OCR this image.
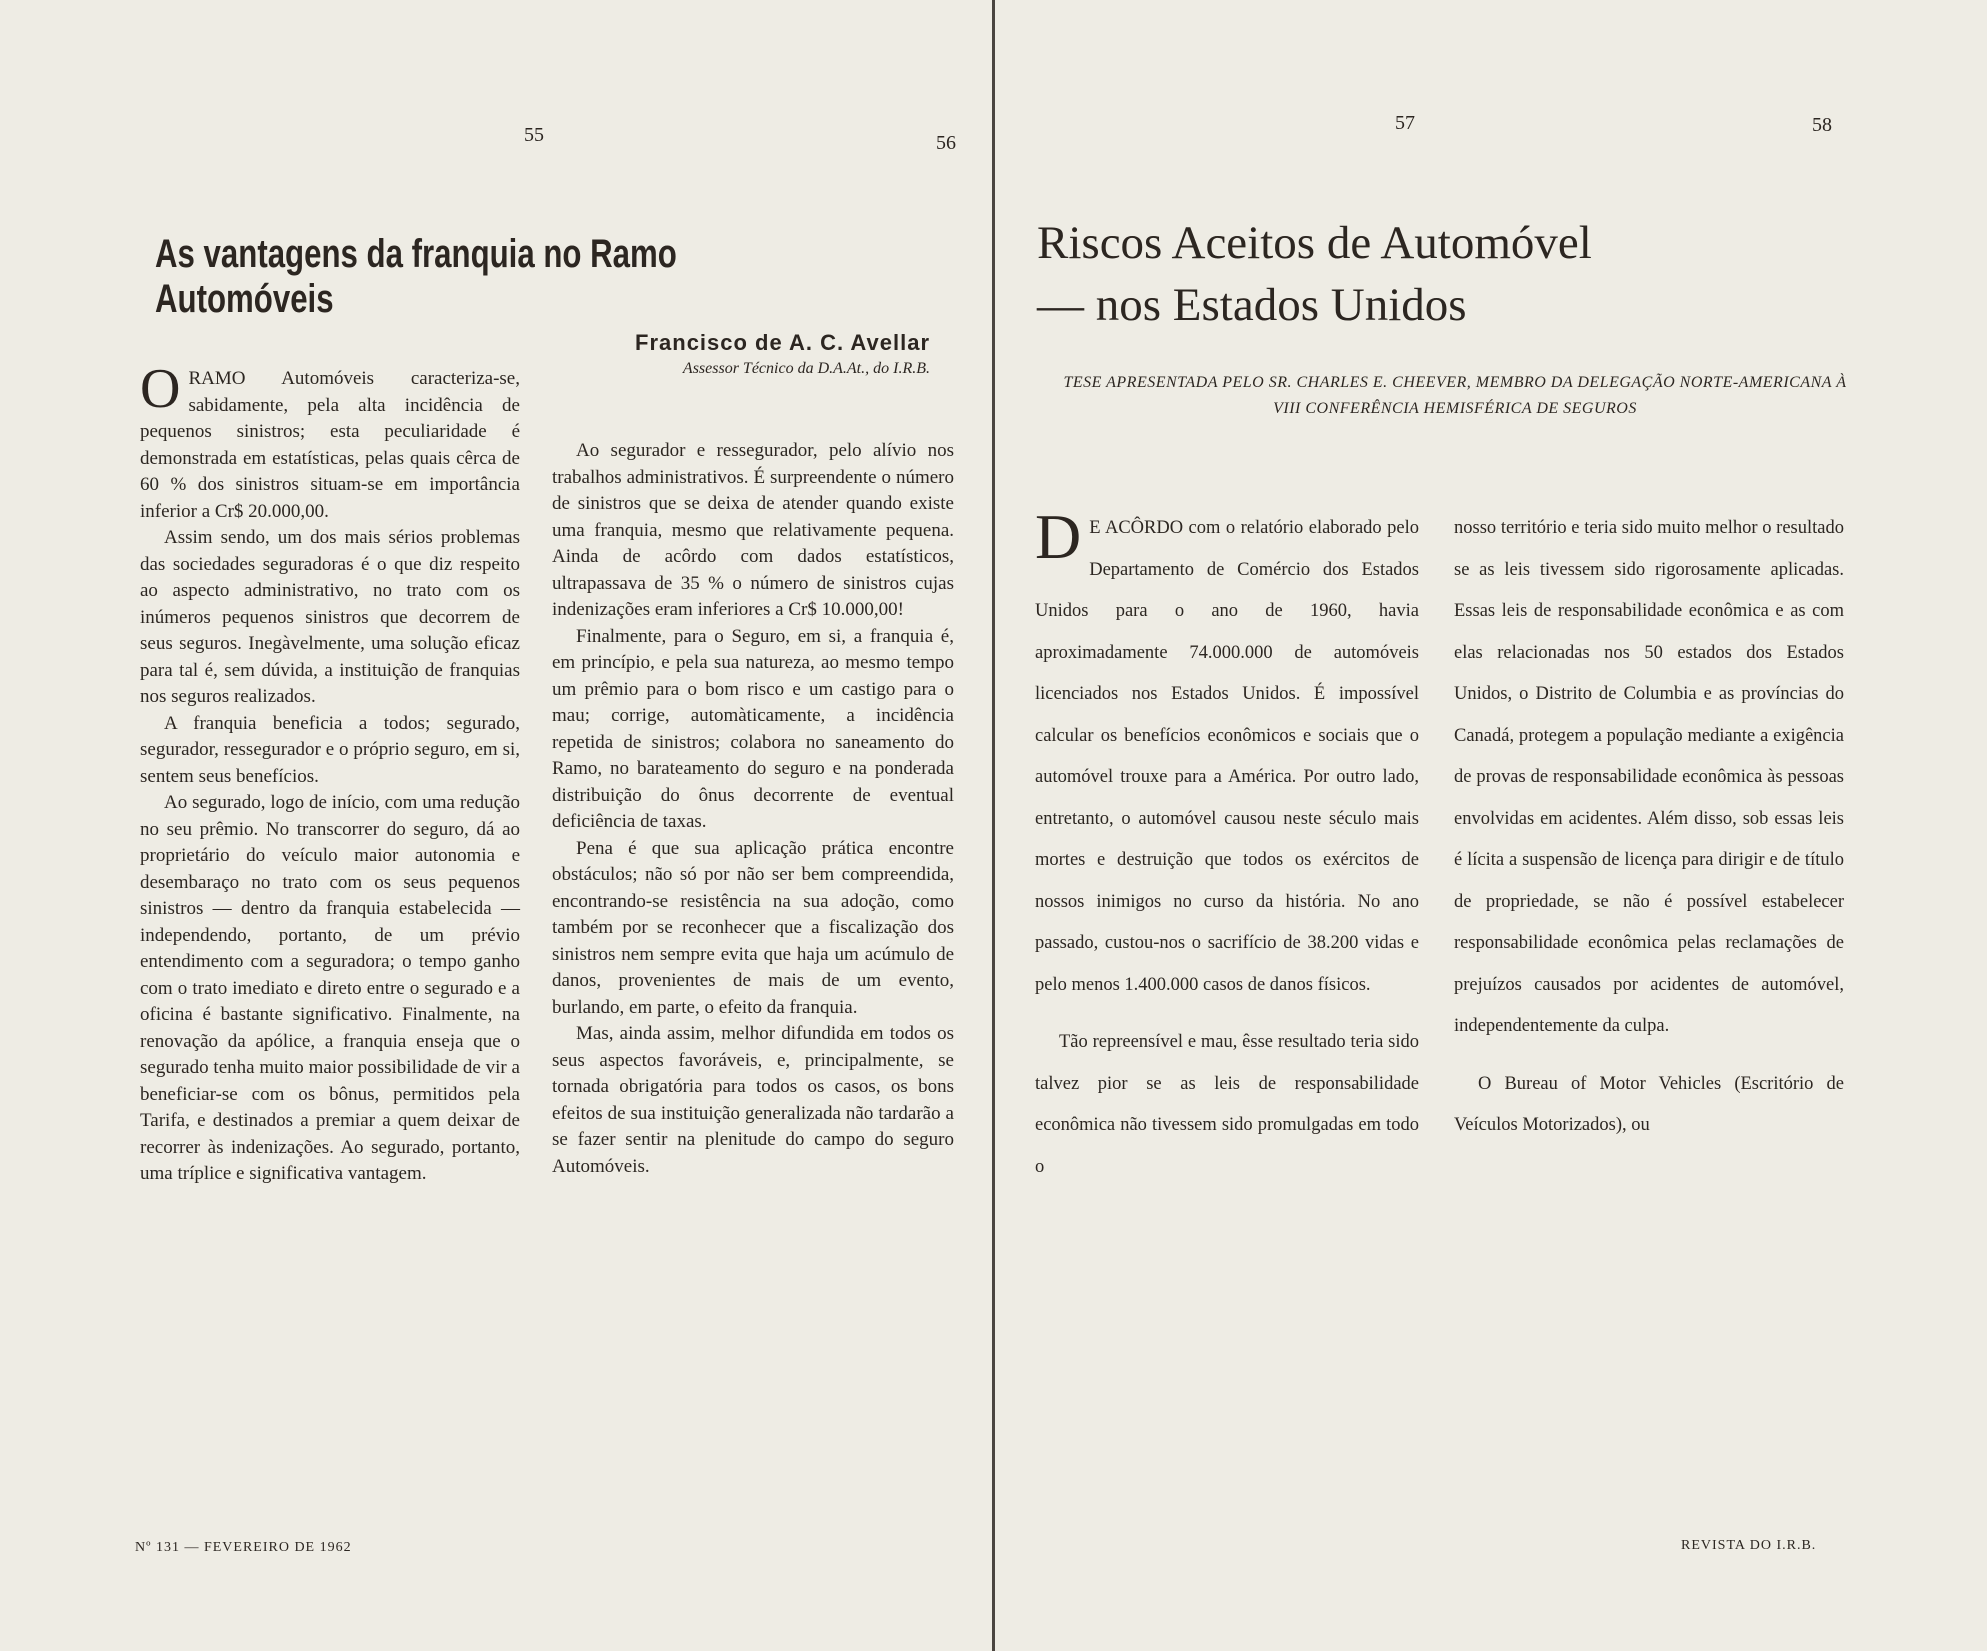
55	56
As vantagens da franquia no Ramo Automóveis
Francisco de A. C. Avellar
Assessor Técnico da D.A.At., do I.R.B.

ORAMO Automóveis caracteriza-se, sabidamente, pela alta incidência de pequenos sinistros; esta peculiaridade é demonstrada em estatísticas, pelas quais cêrca de 60 % dos sinistros situam-se em importância inferior a Cr$ 20.000,00.

Assim sendo, um dos mais sérios problemas das sociedades seguradoras é o que diz respeito ao aspecto administrativo, no trato com os inúmeros pequenos sinistros que decorrem de seus seguros. Inegàvelmente, uma solução eficaz para tal é, sem dúvida, a instituição de franquias nos seguros realizados.

A franquia beneficia a todos; segurado, segurador, ressegurador e o próprio seguro, em si, sentem seus benefícios.

Ao segurado, logo de início, com uma redução no seu prêmio. No transcorrer do seguro, dá ao proprietário do veículo maior autonomia e desembaraço no trato com os seus pequenos sinistros — dentro da franquia estabelecida — independendo, portanto, de um prévio entendimento com a seguradora; o tempo ganho com o trato imediato e direto entre o segurado e a oficina é bastante significativo. Finalmente, na renovação da apólice, a franquia enseja que o segurado tenha muito maior possibilidade de vir a beneficiar-se com os bônus, permitidos pela Tarifa, e destinados a premiar a quem deixar de recorrer às indenizações. Ao segurado, portanto, uma tríplice e significativa vantagem.

Ao segurador e ressegurador, pelo alívio nos trabalhos administrativos. É surpreendente o número de sinistros que se deixa de atender quando existe uma franquia, mesmo que relativamente pequena. Ainda de acôrdo com dados estatísticos, ultrapassava de 35 % o número de sinistros cujas indenizações eram inferiores a Cr$ 10.000,00!

Finalmente, para o Seguro, em si, a franquia é, em princípio, e pela sua natureza, ao mesmo tempo um prêmio para o bom risco e um castigo para o mau; corrige, automàticamente, a incidência repetida de sinistros; colabora no saneamento do Ramo, no barateamento do seguro e na ponderada distribuição do ônus decorrente de eventual deficiência de taxas.

Pena é que sua aplicação prática encontre obstáculos; não só por não ser bem compreendida, encontrando-se resistência na sua adoção, como também por se reconhecer que a fiscalização dos sinistros nem sempre evita que haja um acúmulo de danos, provenientes de mais de um evento, burlando, em parte, o efeito da franquia.

Mas, ainda assim, melhor difundida em todos os seus aspectos favoráveis, e, principalmente, se tornada obrigatória para todos os casos, os bons efeitos de sua instituição generalizada não tardarão a se fazer sentir na plenitude do campo do seguro Automóveis.

Nº 131 — FEVEREIRO DE 1962
57	58
Riscos Aceitos de Automóvel
— nos Estados Unidos
TESE APRESENTADA PELO SR. CHARLES E. CHEEVER, MEMBRO DA DELEGAÇÃO NORTE-AMERICANA À VIII CONFERÊNCIA HEMISFÉRICA DE SEGUROS

D E ACÔRDO com o relatório elaborado pelo Departamento de Comércio dos Estados Unidos para o ano de 1960, havia aproximadamente 74.000.000 de automóveis licenciados nos Estados Unidos. É impossível calcular os benefícios econômicos e sociais que o automóvel trouxe para a América. Por outro lado, entretanto, o automóvel causou neste século mais mortes e destruição que todos os exércitos de nossos inimigos no curso da história. No ano passado, custou-nos o sacrifício de 38.200 vidas e pelo menos 1.400.000 casos de danos físicos.

Tão repreensível e mau, êsse resultado teria sido talvez pior se as leis de responsabilidade econômica não tivessem sido promulgadas em todo o

nosso território e teria sido muito melhor o resultado se as leis tivessem sido rigorosamente aplicadas. Essas leis de responsabilidade econômica e as com elas relacionadas nos 50 estados dos Estados Unidos, o Distrito de Columbia e as províncias do Canadá, protegem a população mediante a exigência de provas de responsabilidade econômica às pessoas envolvidas em acidentes. Além disso, sob essas leis é lícita a suspensão de licença para dirigir e de título de propriedade, se não é possível estabelecer responsabilidade econômica pelas reclamações de prejuízos causados por acidentes de automóvel, independentemente da culpa.

O Bureau of Motor Vehicles (Escritório de Veículos Motorizados), ou

REVISTA DO I.R.B.
